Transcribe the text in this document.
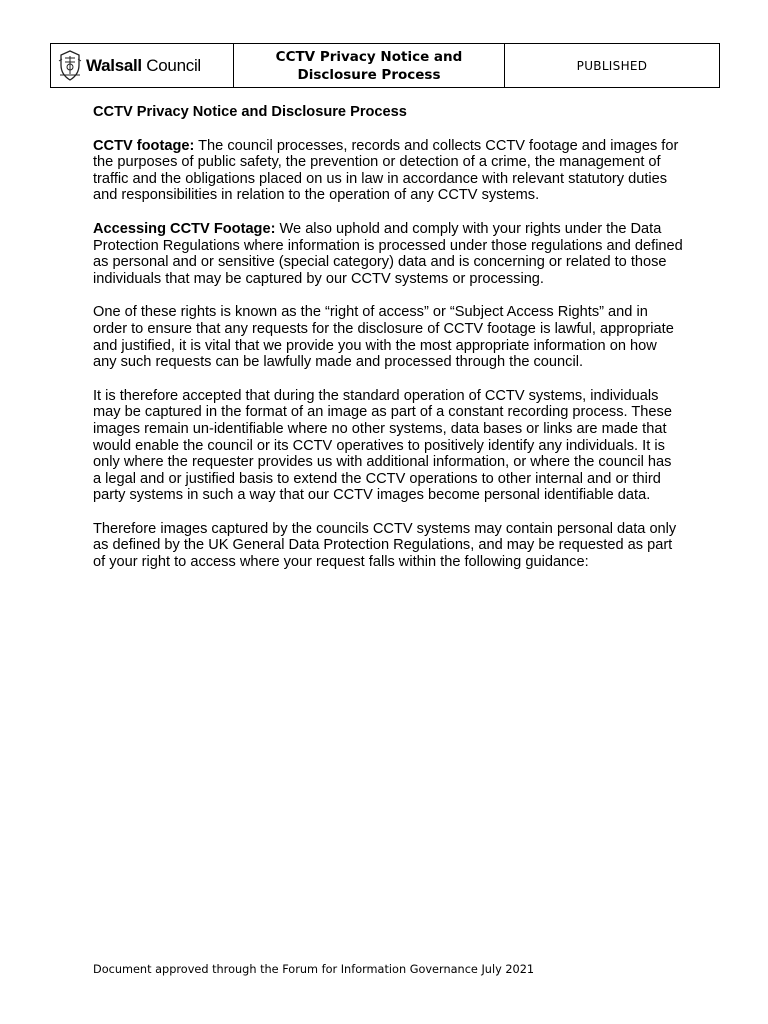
Walsall Council	CCTV Privacy Notice and
Disclosure Process
PUBLISHED

CCTV Privacy Notice and Disclosure Process

CCTV footage: The council processes, records and collects CCTV footage and images for the purposes of public safety, the prevention or detection of a crime, the management of traffic and the obligations placed on us in law in accordance with relevant statutory duties and responsibilities in relation to the operation of any CCTV systems.

Accessing CCTV Footage: We also uphold and comply with your rights under the Data Protection Regulations where information is processed under those regulations and defined as personal and or sensitive (special category) data and is concerning or related to those individuals that may be captured by our CCTV systems or processing.

One of these rights is known as the “right of access” or “Subject Access Rights” and in order to ensure that any requests for the disclosure of CCTV footage is lawful, appropriate and justified, it is vital that we provide you with the most appropriate information on how any such requests can be lawfully made and processed through the council.

It is therefore accepted that during the standard operation of CCTV systems, individuals may be captured in the format of an image as part of a constant recording process. These images remain un-identifiable where no other systems, data bases or links are made that would enable the council or its CCTV operatives to positively identify any individuals. It is only where the requester provides us with additional information, or where the council has a legal and or justified basis to extend the CCTV operations to other internal and or third party systems in such a way that our CCTV images become personal identifiable data.

Therefore images captured by the councils CCTV systems may contain personal data only as defined by the UK General Data Protection Regulations, and may be requested as part of your right to access where your request falls within the following guidance:

Document approved through the Forum for Information Governance July 2021
